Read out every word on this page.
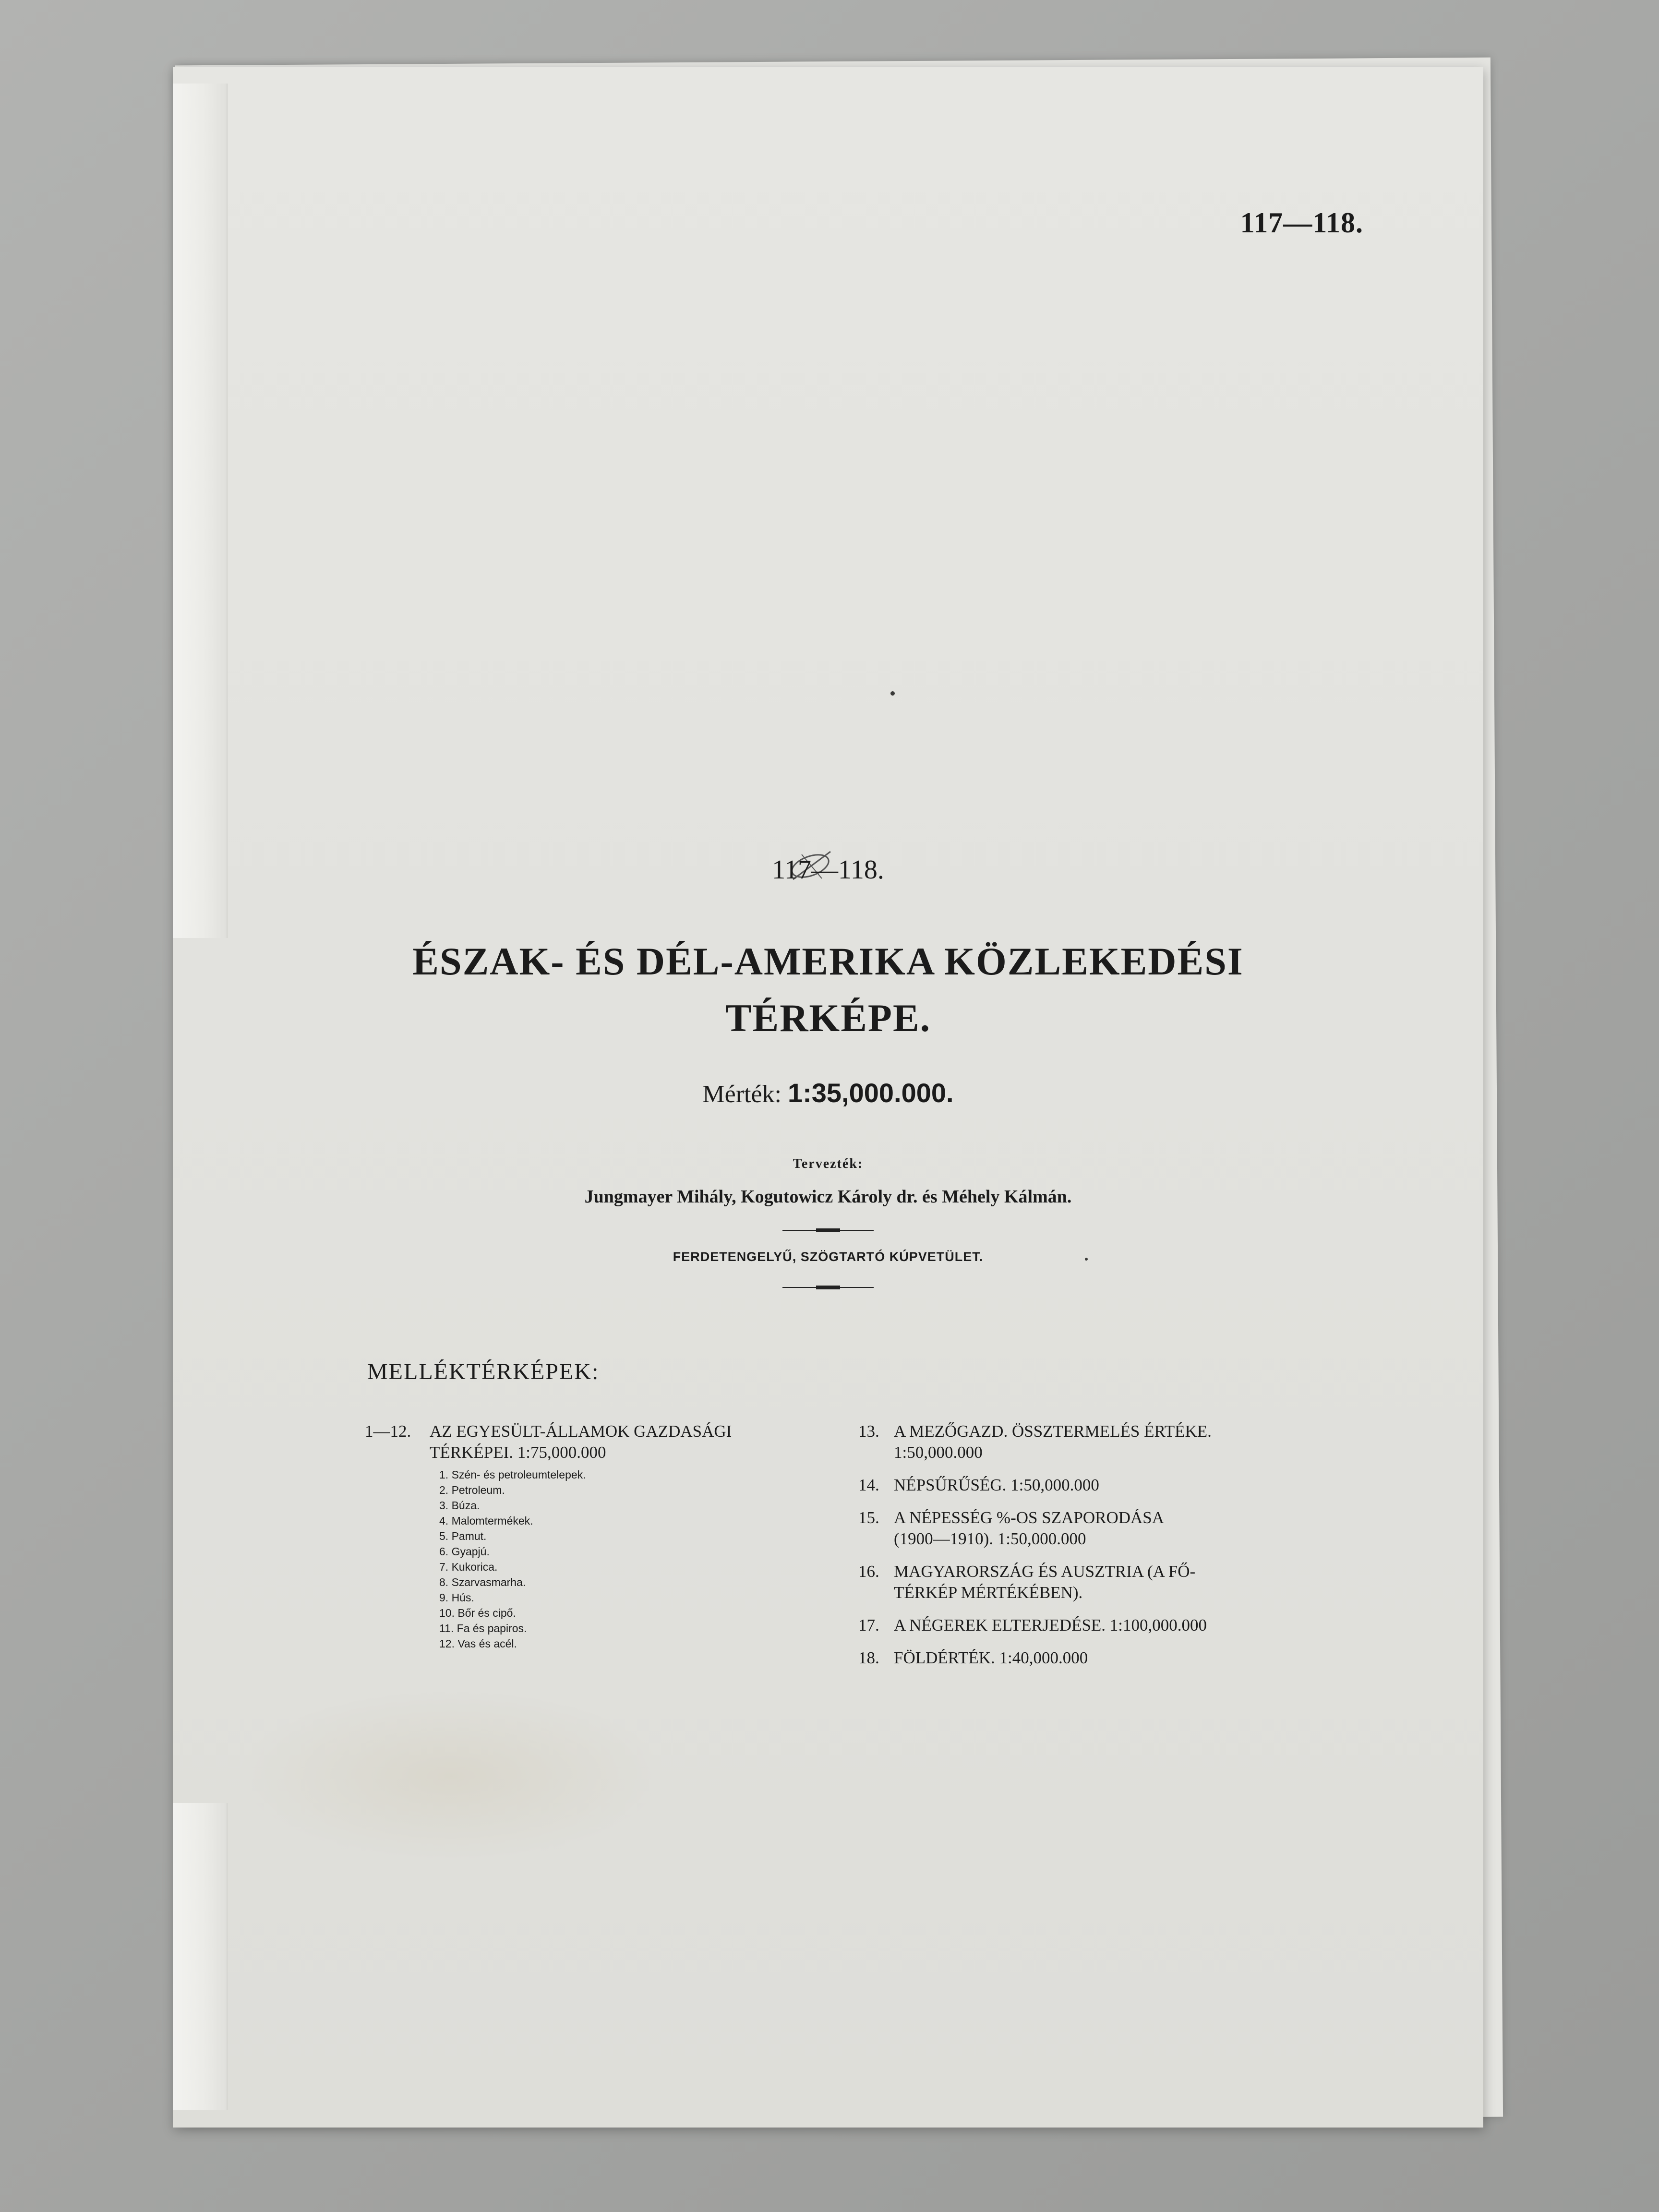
117—118.
117—118.
ÉSZAK- ÉS DÉL-AMERIKA KÖZLEKEDÉSI
TÉRKÉPE.
Mérték: 1:35,000.000.
Tervezték:
Jungmayer Mihály, Kogutowicz Károly dr. és Méhely Kálmán.
FERDETENGELYŰ, SZÖGTARTÓ KÚPVETÜLET.
MELLÉKTÉRKÉPEK:
1—12. AZ EGYESÜLT-ÁLLAMOK GAZDASÁGI
TÉRKÉPEI. 1:75,000.000
1. Szén- és petroleumtelepek.
2. Petroleum.
3. Búza.
4. Malomtermékek.
5. Pamut.
6. Gyapjú.
7. Kukorica.
8. Szarvasmarha.
9. Hús.
10. Bőr és cipő.
11. Fa és papiros.
12. Vas és acél.
13. A MEZŐGAZD. ÖSSZTERMELÉS ÉRTÉKE.
1:50,000.000
14. NÉPSŰRŰSÉG. 1:50,000.000
15. A NÉPESSÉG %-OS SZAPORODÁSA
(1900—1910). 1:50,000.000
16. MAGYARORSZÁG ÉS AUSZTRIA (A FŐ-
TÉRKÉP MÉRTÉKÉBEN).
17. A NÉGEREK ELTERJEDÉSE. 1:100,000.000
18. FÖLDÉRTÉK. 1:40,000.000
